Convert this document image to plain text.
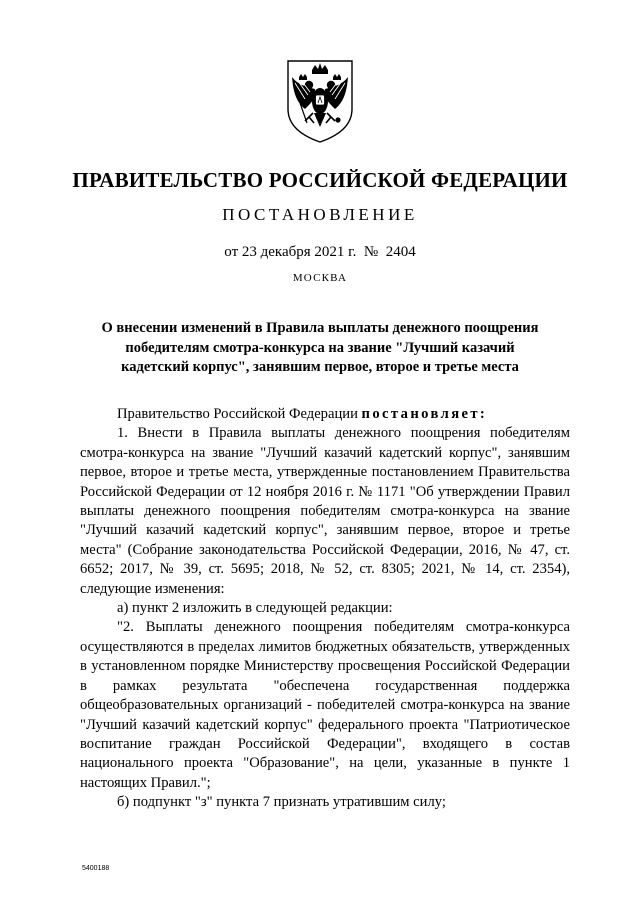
ПРАВИТЕЛЬСТВО РОССИЙСКОЙ ФЕДЕРАЦИИ
ПОСТАНОВЛЕНИЕ
от 23 декабря 2021 г.  №  2404
МОСКВА
О внесении изменений в Правила выплаты денежного поощрения победителям смотра-конкурса на звание "Лучший казачий кадетский корпус", занявшим первое, второе и третье места

Правительство Российской Федерации постановляет:

1. Внести в Правила выплаты денежного поощрения победителям смотра-конкурса на звание "Лучший казачий кадетский корпус", занявшим первое, второе и третье места, утвержденные постановлением Правительства Российской Федерации от 12 ноября 2016 г. № 1171 "Об утверждении Правил выплаты денежного поощрения победителям смотра-конкурса на звание "Лучший казачий кадетский корпус", занявшим первое, второе и третье места" (Собрание законодательства Российской Федерации, 2016, № 47, ст. 6652; 2017, № 39, ст. 5695; 2018, № 52, ст. 8305; 2021, № 14, ст. 2354), следующие изменения:

а) пункт 2 изложить в следующей редакции:

"2. Выплаты денежного поощрения победителям смотра-конкурса осуществляются в пределах лимитов бюджетных обязательств, утвержденных в установленном порядке Министерству просвещения Российской Федерации в рамках результата "обеспечена государственная поддержка общеобразовательных организаций - победителей смотра-конкурса на звание "Лучший казачий кадетский корпус" федерального проекта "Патриотическое воспитание граждан Российской Федерации", входящего в состав национального проекта "Образование", на цели, указанные в пункте 1 настоящих Правил.";

б) подпункт "з" пункта 7 признать утратившим силу;

5400188
